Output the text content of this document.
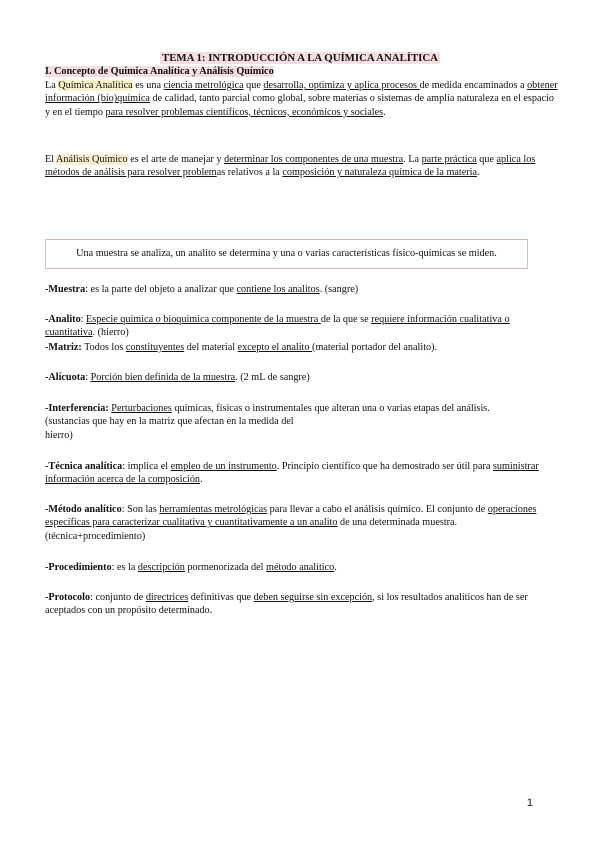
TEMA 1: INTRODUCCIÓN A LA QUÍMICA ANALÍTICA
I. Concepto de Química Analítica y Análisis Químico
La Química Analítica es una ciencia metrológica que desarrolla, optimiza y aplica procesos de medida encaminados a obtener información (bio)química de calidad, tanto parcial como global, sobre materias o sistemas de amplia naturaleza en el espacio y en el tiempo para resolver problemas científicos, técnicos, económicos y sociales.
El Análisis Químico es el arte de manejar y determinar los componentes de una muestra. La parte práctica que aplica los métodos de análisis para resolver problemas relativos a la composición y naturaleza química de la materia.
Una muestra se analiza, un analito se determina y una o varias características físico-químicas se miden.
-Muestra: es la parte del objeto a analizar que contiene los analitos. (sangre)
-Analito: Especie química o bioquímica componente de la muestra de la que se requiere información cualitativa o cuantitativa. (hierro)
-Matriz: Todos los constituyentes del material excepto el analito (material portador del analito).
-Alícuota: Porción bien definida de la muestra. (2 mL de sangre)
-Interferencia: Perturbaciones químicas, físicas o instrumentales que alteran una o varias etapas del análisis.
(sustancias que hay en la matriz que afectan en la medida del
hierro)
-Técnica analítica: implica el empleo de un instrumento. Principio científico que ha demostrado ser útil para suministrar información acerca de la composición.
-Método analítico: Son las herramientas metrológicas para llevar a cabo el análisis químico. El conjunto de operaciones específicas para caracterizar cualitativa y cuantitativamente a un analito de una determinada muestra.
(técnica+procedimiento)
-Procedimiento: es la descripción pormenorizada del método analítico.
-Protocolo: conjunto de directrices definitivas que deben seguirse sin excepción, si los resultados analíticos han de ser aceptados con un propósito determinado.
1
